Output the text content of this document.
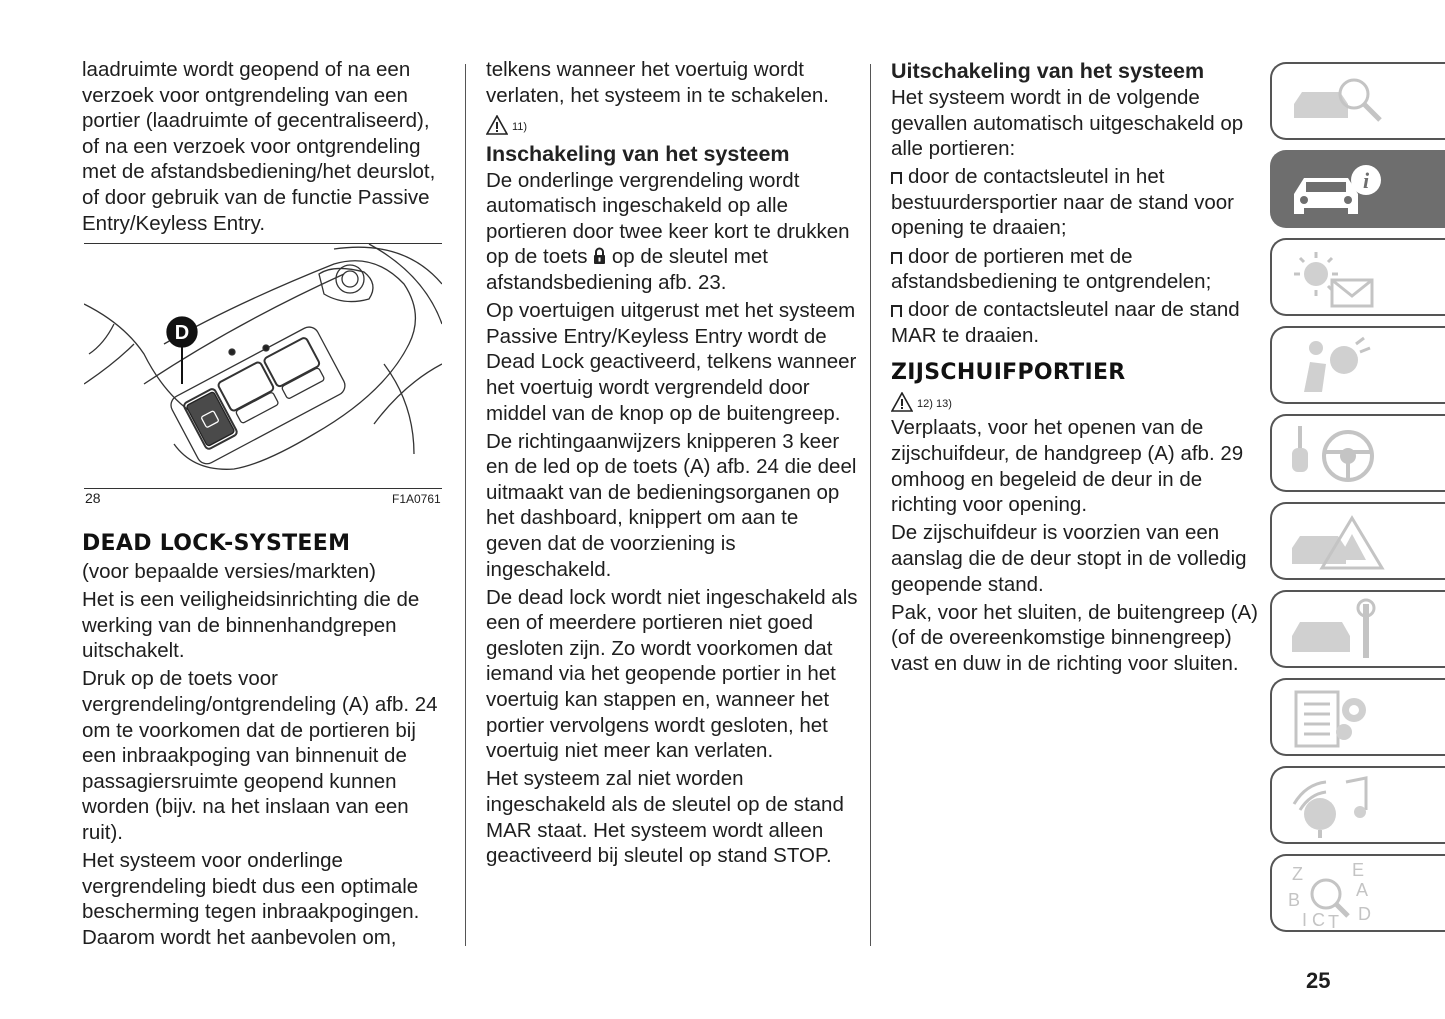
laadruimte wordt geopend of na een verzoek voor ontgrendeling van een portier (laadruimte of gecentraliseerd), of na een verzoek voor ontgrendeling met de afstandsbediening/het deurslot, of door gebruik van de functie Passive Entry/Keyless Entry.

D
28	F1A0761
DEAD LOCK-SYSTEEM

(voor bepaalde versies/markten)

Het is een veiligheidsinrichting die de werking van de binnenhandgrepen uitschakelt.

Druk op de toets voor vergrendeling/ontgrendeling (A) afb. 24 om te voorkomen dat de portieren bij een inbraakpoging van binnenuit de passagiersruimte geopend kunnen worden (bijv. na het inslaan van een ruit).

Het systeem voor onderlinge vergrendeling biedt dus een optimale bescherming tegen inbraakpogingen. Daarom wordt het aanbevolen om,

telkens wanneer het voertuig wordt verlaten, het systeem in te schakelen.

11)
Inschakeling van het systeem

De onderlinge vergrendeling wordt automatisch ingeschakeld op alle portieren door twee keer kort te drukken op de toets op de sleutel met afstandsbediening afb. 23.

Op voertuigen uitgerust met het systeem Passive Entry/Keyless Entry wordt de Dead Lock geactiveerd, telkens wanneer het voertuig wordt vergrendeld door middel van de knop op de buitengreep.

De richtingaanwijzers knipperen 3 keer en de led op de toets (A) afb. 24 die deel uitmaakt van de bedieningsorganen op het dashboard, knippert om aan te geven dat de voorziening is ingeschakeld.

De dead lock wordt niet ingeschakeld als een of meerdere portieren niet goed gesloten zijn. Zo wordt voorkomen dat iemand via het geopende portier in het voertuig kan stappen en, wanneer het portier vervolgens wordt gesloten, het voertuig niet meer kan verlaten.

Het systeem zal niet worden ingeschakeld als de sleutel op de stand MAR staat. Het systeem wordt alleen geactiveerd bij sleutel op stand STOP.

Uitschakeling van het systeem

Het systeem wordt in de volgende gevallen automatisch uitgeschakeld op alle portieren:

door de contactsleutel in het bestuurdersportier naar de stand voor opening te draaien;

door de portieren met de afstandsbediening te ontgrendelen;

door de contactsleutel naar de stand MAR te draaien.

ZIJSCHUIFPORTIER
12) 13)

Verplaats, voor het openen van de zijschuifdeur, de handgreep (A) afb. 29 omhoog en begeleid de deur in de richting voor opening.

De zijschuifdeur is voorzien van een aanslag die de deur stopt in de volledig geopende stand.

Pak, voor het sluiten, de buitengreep (A) (of de overeenkomstige binnengreep) vast en duw in de richting voor sluiten.

i
Z	E
A
B
I C T D
25
